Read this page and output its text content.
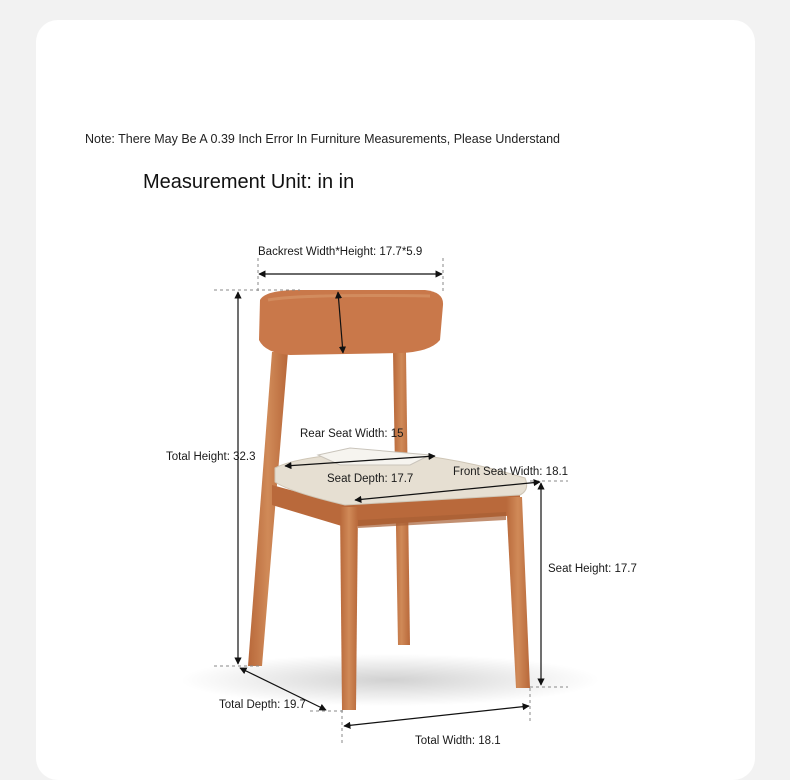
Note: There May Be A 0.39 Inch Error In Furniture Measurements, Please Understand
Measurement Unit: in in
Backrest Width*Height: 17.7*5.9
Rear Seat Width: 15
Total Height: 32.3
Front Seat Width: 18.1
Seat Depth: 17.7
Seat Height: 17.7
Total Depth: 19.7
Total Width: 18.1
